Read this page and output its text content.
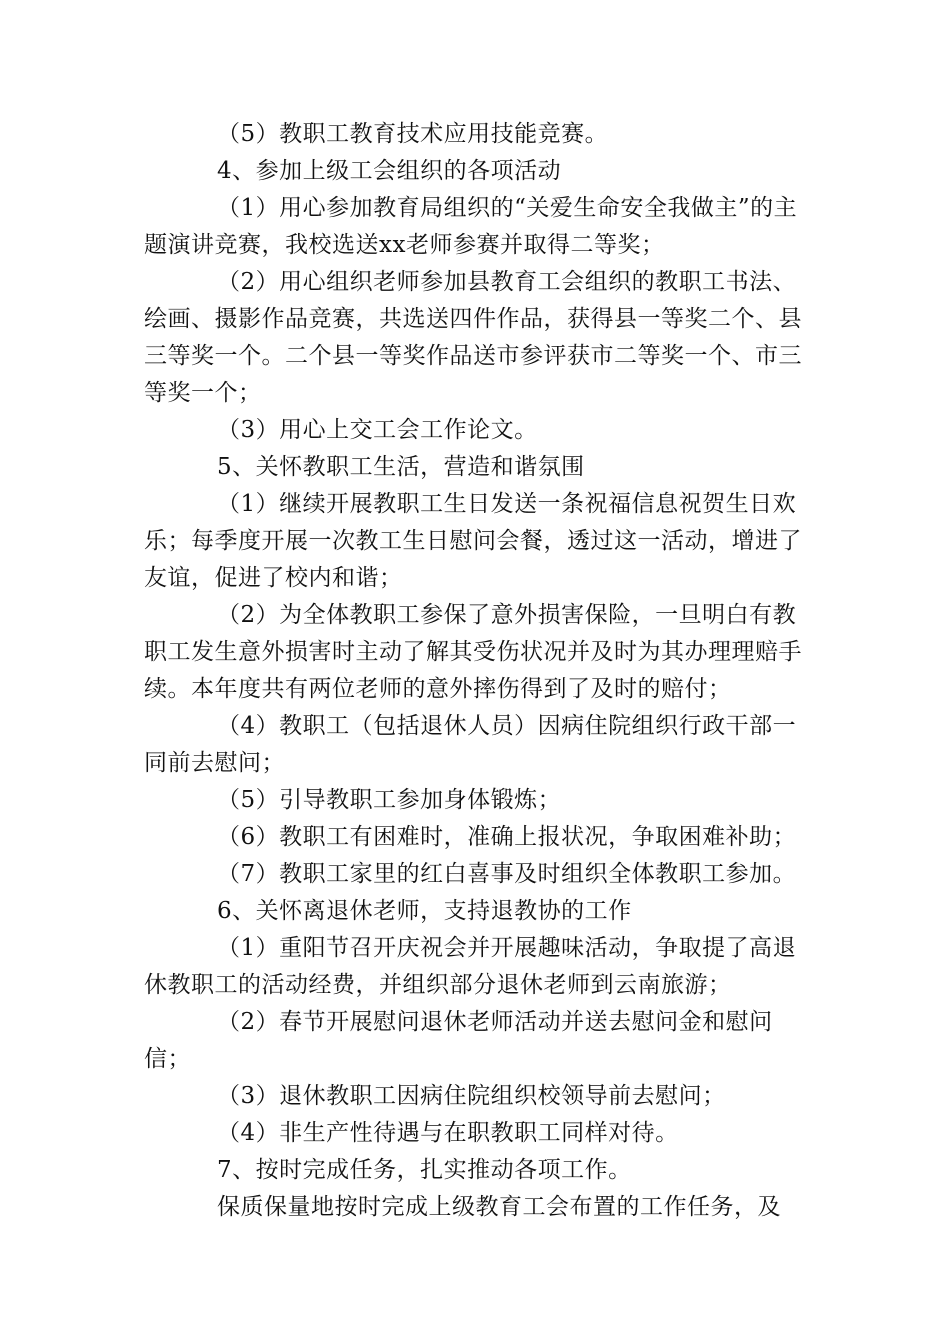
（5）教职工教育技术应用技能竞赛。

4、参加上级工会组织的各项活动

（1）用心参加教育局组织的“关爱生命安全我做主”的主题演讲竞赛，我校选送xx老师参赛并取得二等奖；

（2）用心组织老师参加县教育工会组织的教职工书法、绘画、摄影作品竞赛，共选送四件作品，获得县一等奖二个、县三等奖一个。二个县一等奖作品送市参评获市二等奖一个、市三等奖一个；

（3）用心上交工会工作论文。

5、关怀教职工生活，营造和谐氛围

（1）继续开展教职工生日发送一条祝福信息祝贺生日欢乐；每季度开展一次教工生日慰问会餐，透过这一活动，增进了友谊，促进了校内和谐；

（2）为全体教职工参保了意外损害保险，一旦明白有教职工发生意外损害时主动了解其受伤状况并及时为其办理理赔手续。本年度共有两位老师的意外摔伤得到了及时的赔付；

（4）教职工（包括退休人员）因病住院组织行政干部一同前去慰问；

（5）引导教职工参加身体锻炼；

（6）教职工有困难时，准确上报状况，争取困难补助；

（7）教职工家里的红白喜事及时组织全体教职工参加。

6、关怀离退休老师，支持退教协的工作

（1）重阳节召开庆祝会并开展趣味活动，争取提了高退休教职工的活动经费，并组织部分退休老师到云南旅游；

（2）春节开展慰问退休老师活动并送去慰问金和慰问信；

（3）退休教职工因病住院组织校领导前去慰问；

（4）非生产性待遇与在职教职工同样对待。

7、按时完成任务，扎实推动各项工作。

保质保量地按时完成上级教育工会布置的工作任务，及
